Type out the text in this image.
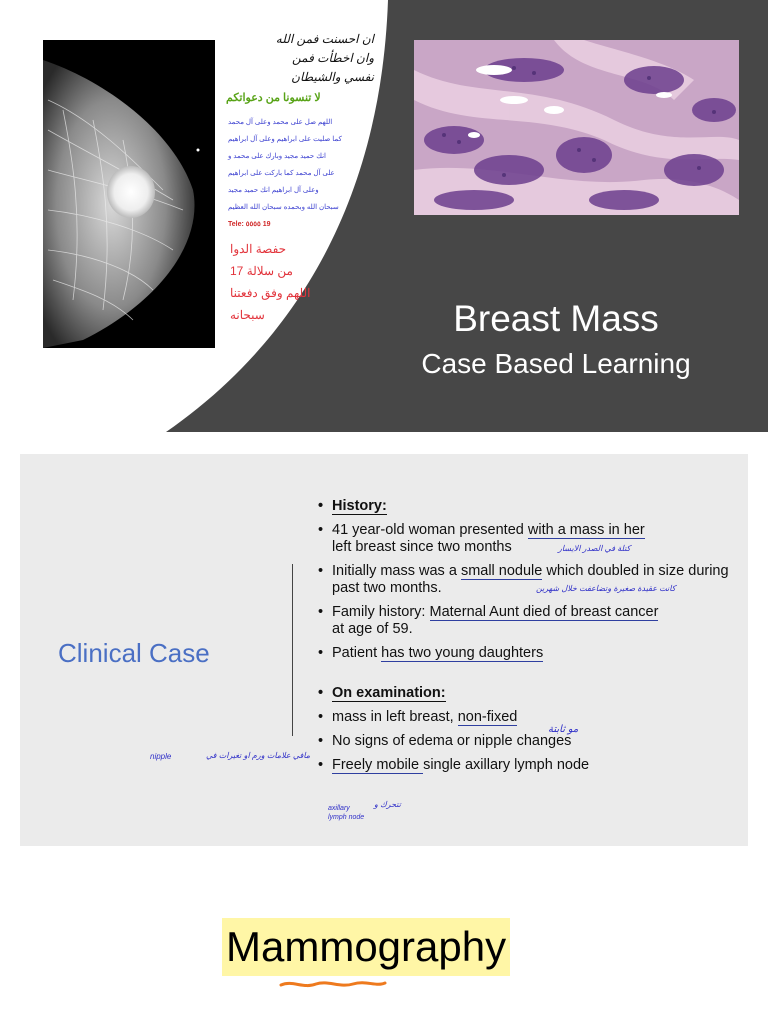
ان احسنت فمن الله
وان اخطأت فمن
نفسي والشيطان
لا تنسونا من دعواتكم
اللهم صل على محمد وعلى آل محمد
كما صليت على ابراهيم وعلى آل ابراهيم
انك حميد مجيد وبارك على محمد و
على آل محمد كما باركت على ابراهيم
وعلى آل ابراهيم انك حميد مجيد
سبحان الله وبحمده سبحان الله العظيم
Tele: ٥٥٥٥ 19
حفصة الدوا
من سلالة 17
اللهم وفق دفعتنا
سبحانه	Breast Mass
Case Based Learning
Clinical Case
• History:
• 41 year-old woman presented with a mass in her
left breast since two months
• Initially mass was a small nodule which doubled in size during past two months.
• Family history: Maternal Aunt died of breast cancer
at age of 59.
• Patient has two young daughters
• On examination:
• mass in left breast, non-fixed
• No signs of edema or nipple changes
• Freely mobile single axillary lymph node
كتلة في الصدر الايسار
كانت عقيدة صغيرة وتضاعفت خلال شهرين
مو ثابتة
nipple	مافي علامات ورم او تغيرات في
تتحرك و
axillary
lymph node
Mammography
